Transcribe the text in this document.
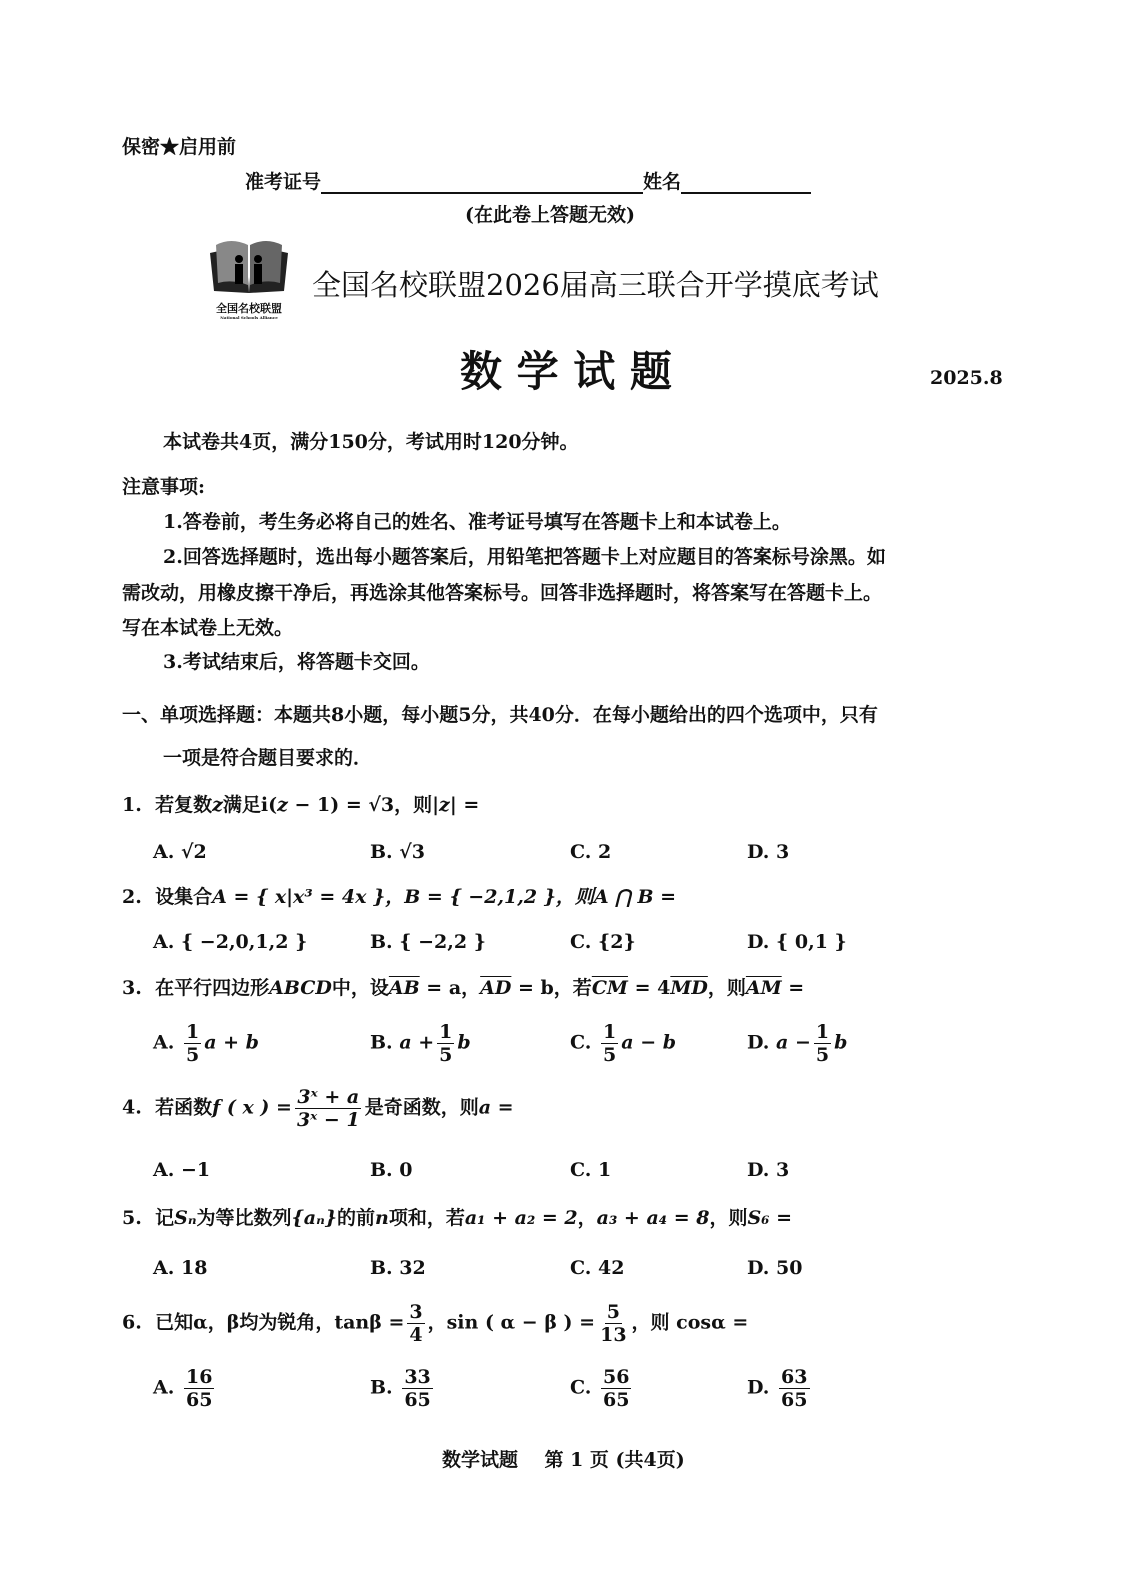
保密★启用前
准考证号	姓名
(在此卷上答题无效)
全国名校联盟
National Schools Alliance
全国名校联盟2026届高三联合开学摸底考试
数 学 试 题	2025.8
本试卷共4页，满分150分，考试用时120分钟。
注意事项:
1.答卷前，考生务必将自己的姓名、准考证号填写在答题卡上和本试卷上。
2.回答选择题时，选出每小题答案后，用铅笔把答题卡上对应题目的答案标号涂黑。如
需改动，用橡皮擦干净后，再选涂其他答案标号。回答非选择题时，将答案写在答题卡上。
写在本试卷上无效。
3.考试结束后，将答题卡交回。
一、单项选择题：本题共8小题，每小题5分，共40分．在每小题给出的四个选项中，只有
一项是符合题目要求的．
1. 若复数z满足i(z − 1) = √3，则|z| =
A. √2	B. √3	C. 2	D. 3
2. 设集合A = { x|x³ = 4x }，B = { −2,1,2 }，则A ⋂ B =
A. { −2,0,1,2 }	B. { −2,2 }	C. {2}	D. { 0,1 }
3. 在平行四边形ABCD中，设$\overline{AB} = a$，$\overline{AD} = b$，若$\overline{CM} = 4\overline{MD}$，则$\overline{AM}$ =
A. $\frac{1}{5}$ a + b	B. $a + \frac{1}{5}$ b	C. $\frac{1}{5}$ a − b	D. $a - \frac{1}{5}$ b
4. 若函数f ( x ) = $\frac{\text{3ˣ + a}}{\text{3ˣ − 1}}$ 是奇函数，则a =
A. −1	B. 0	C. 1	D. 3
5. 记Sₙ为等比数列{aₙ}的前n项和，若a₁ + a₂ = 2，a₃ + a₄ = 8，则S₆ =
A. 18	B. 32	C. 42	D. 50
6. 已知α，β均为锐角，$\tan\beta = \frac{3}{4}$ ，sin ( α − β ) = $\frac{5}{13}$ ，则 cosα =
A. $\frac{16}{65}$	B. $\frac{33}{65}$	C. $\frac{56}{65}$	D. $\frac{63}{65}$
数学试题    第 1 页 (共4页)
